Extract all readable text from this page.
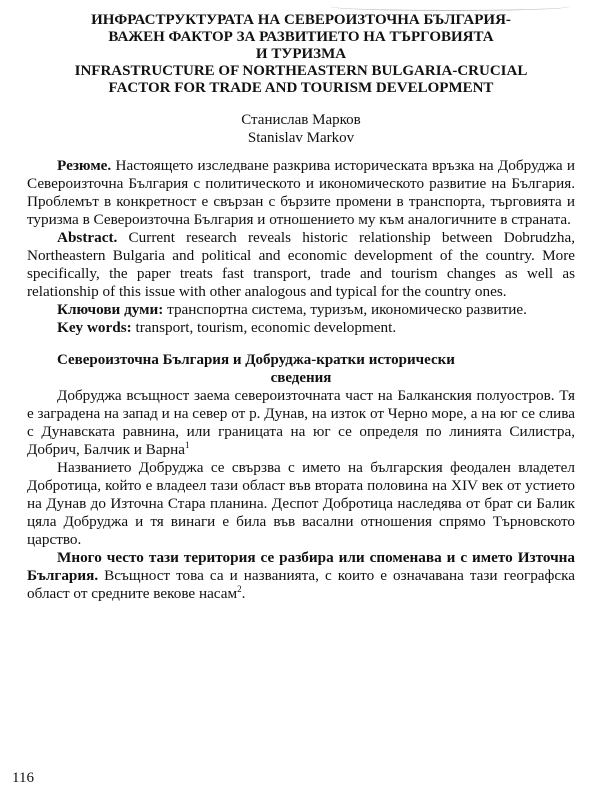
ИНФРАСТРУКТУРАТА НА СЕВЕРОИЗТОЧНА БЪЛГАРИЯ-
ВАЖЕН ФАКТОР ЗА РАЗВИТИЕТО НА ТЪРГОВИЯТА
И ТУРИЗМА
INFRASTRUCTURE OF NORTHEASTERN BULGARIA-CRUCIAL
FACTOR FOR TRADE AND TOURISM DEVELOPMENT
Станислав Марков
Stanislav Markov

Резюме. Настоящето изследване разкрива историческата връзка на Добруджа и Североизточна България с политическото и икономическото развитие на България. Проблемът в конкретност е свързан с бързите промени в транспорта, търговията и туризма в Североизточна България и отношението му към аналогичните в страната.

Abstract. Current research reveals historic relationship between Dobrudzha, Northeastern Bulgaria and political and economic development of the country. More specifically, the paper treats fast transport, trade and tourism changes as well as relationship of this issue with other analogous and typical for the country ones.

Ключови думи: транспортна система, туризъм, икономическо развитие.

Key words: transport, tourism, economic development.

Североизточна България и Добруджа-кратки исторически
сведения

Добруджа всъщност заема североизточната част на Балканския полуостров. Тя е заградена на запад и на север от р. Дунав, на изток от Черно море, а на юг се слива с Дунавската равнина, или границата на юг се определя по линията Силистра, Добрич, Балчик и Варна$^1$

Названието Добруджа се свързва с името на българския феодален владетел Добротица, който е владеел тази област във втората половина на XIV век от устието на Дунав до Източна Стара планина. Деспот Добротица наследява от брат си Балик цяла Добруджа и тя винаги е била във васални отношения спрямо Търновското царство.

Много често тази територия се разбира или споменава и с името Източна България. Всъщност това са и названията, с които е означавана тази географска област от средните векове насам$^2$.

116
